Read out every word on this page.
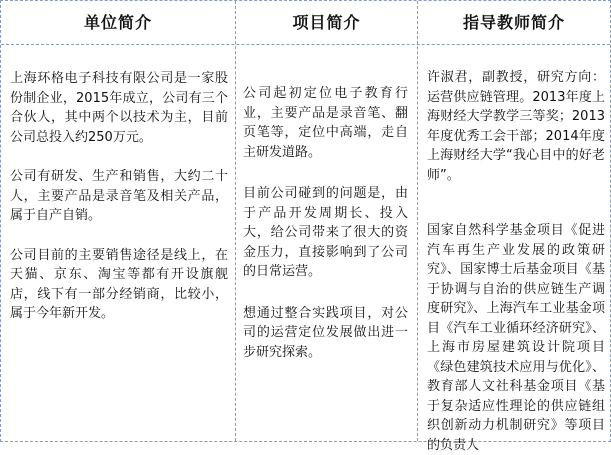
单位简介	项目简介	指导教师简介

上海环格电子科技有限公司是一家股份制企业，2015年成立，公司有三个合伙人，其中两个以技术为主，目前公司总投入约250万元。

公司有研发、生产和销售，大约二十人，主要产品是录音笔及相关产品，属于自产自销。

公司目前的主要销售途径是线上，在天猫、京东、淘宝等都有开设旗舰店，线下有一部分经销商，比较小，属于今年新开发。

公司起初定位电子教育行业，主要产品是录音笔、翻页笔等，定位中高端，走自主研发道路。

目前公司碰到的问题是，由于产品开发周期长、投入大，给公司带来了很大的资金压力，直接影响到了公司的日常运营。

想通过整合实践项目，对公司的运营定位发展做出进一步研究探索。

许淑君，副教授，研究方向：运营供应链管理。2013年度上海财经大学教学三等奖；2013年度优秀工会干部；2014年度上海财经大学“我心目中的好老师”。

国家自然科学基金项目《促进汽车再生产业发展的政策研究》、国家博士后基金项目《基于协调与自治的供应链生产调度研究》、上海汽车工业基金项目《汽车工业循环经济研究》、上海市房屋建筑设计院项目《绿色建筑技术应用与优化》、教育部人文社科基金项目《基于复杂适应性理论的供应链组织创新动力机制研究》等项目的负责人
